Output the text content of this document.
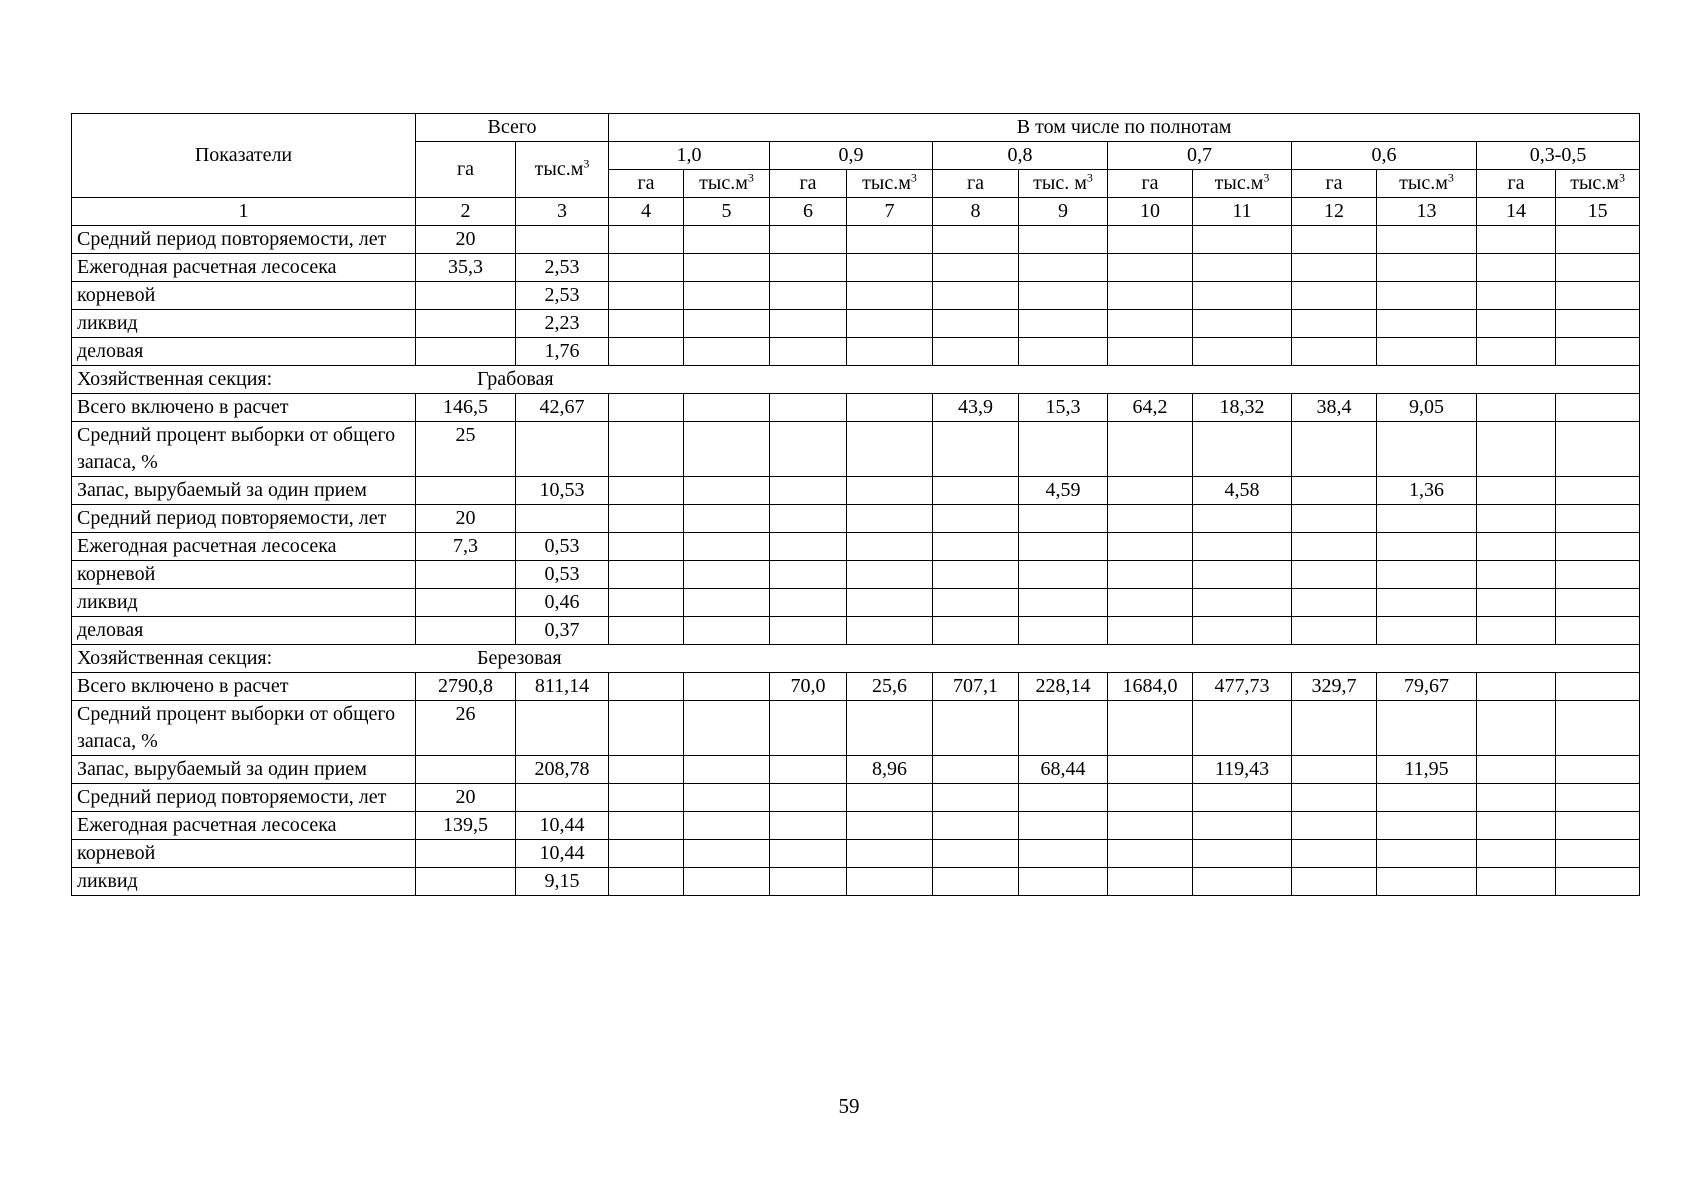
Показатели	Всего		В том числе по полнотам											
	га	$тыс.м^3$	1,0		0,9		0,8		0,7		0,6		0,3-0,5	
			га	$тыс.м^3$	га	$тыс.м^3$	га	тыс. $м^3$	га	$тыс.м^3$	га	$тыс.м^3$	га	$тыс.м^3$
1	2	3	4	5	6	7	8	9	10	11	12	13	14	15
Средний период повторяемости, лет	20													
Ежегодная расчетная лесосека	35,3	2,53												
корневой		2,53												
ликвид		2,23												
деловая		1,76												
Хозяйственная секция: Грабовая														
Всего включено в расчет	146,5	42,67					43,9	15,3	64,2	18,32	38,4	9,05		
Средний процент выборки от общего запаса, %	25													
Запас, вырубаемый за один прием		10,53						4,59		4,58		1,36		
Средний период повторяемости, лет	20													
Ежегодная расчетная лесосека	7,3	0,53												
корневой		0,53												
ликвид		0,46												
деловая		0,37												
Хозяйственная секция: Березовая														
Всего включено в расчет	2790,8	811,14			70,0	25,6	707,1	228,14	1684,0	477,73	329,7	79,67		
Средний процент выборки от общего запаса, %	26													
Запас, вырубаемый за один прием		208,78				8,96		68,44		119,43		11,95		
Средний период повторяемости, лет	20													
Ежегодная расчетная лесосека	139,5	10,44												
корневой		10,44												
ликвид		9,15												
59
